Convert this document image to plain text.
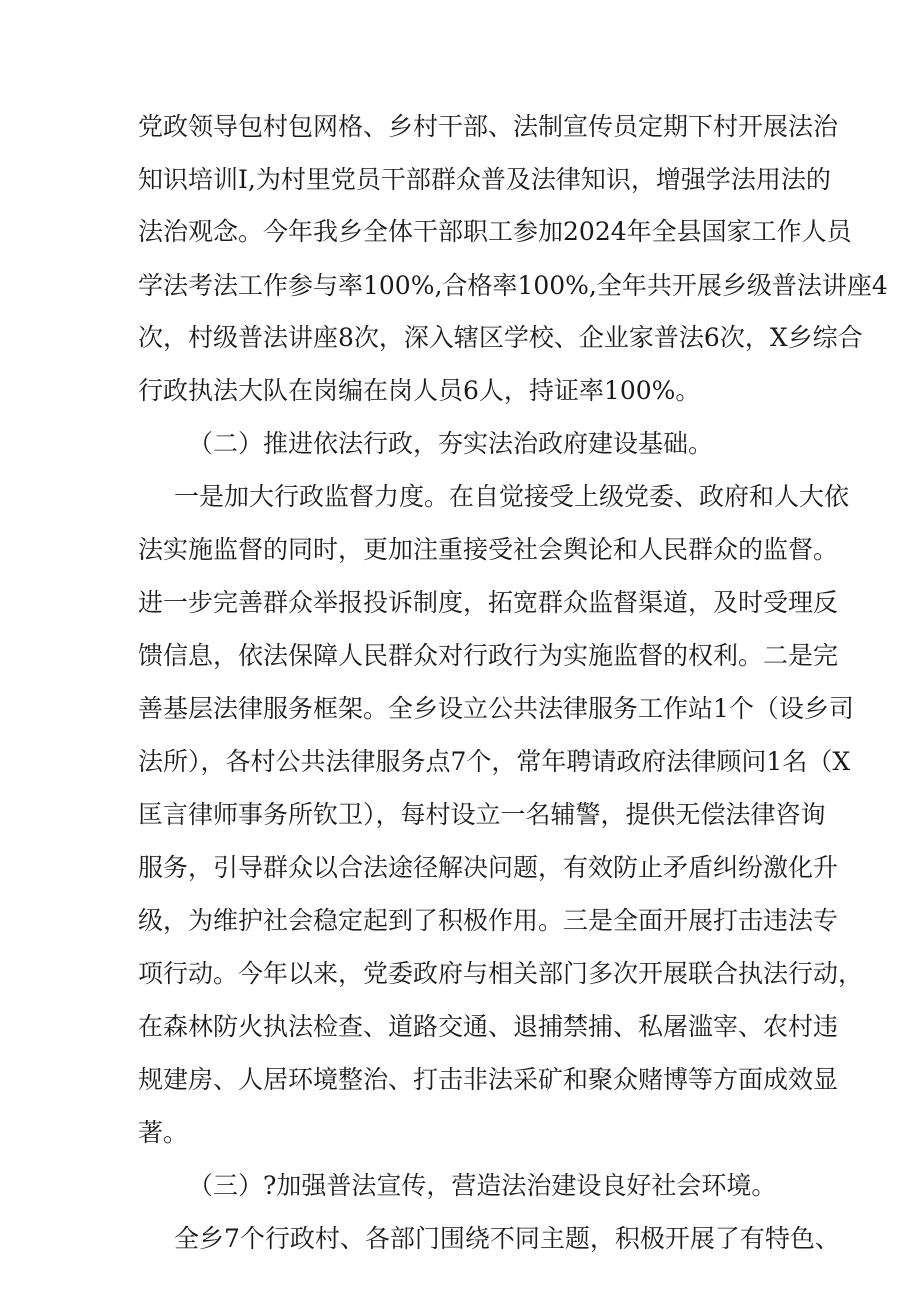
党政领导包村包网格、乡村干部、法制宣传员定期下村开展法治
知识培训I,为村里党员干部群众普及法律知识，增强学法用法的
法治观念。今年我乡全体干部职工参加2024年全县国家工作人员
学法考法工作参与率100%,合格率100%,全年共开展乡级普法讲座4
次，村级普法讲座8次，深入辖区学校、企业家普法6次，X乡综合
行政执法大队在岗编在岗人员6人，持证率100%。
（二）推进依法行政，夯实法治政府建设基础。
一是加大行政监督力度。在自觉接受上级党委、政府和人大依
法实施监督的同时，更加注重接受社会舆论和人民群众的监督。
进一步完善群众举报投诉制度，拓宽群众监督渠道，及时受理反
馈信息，依法保障人民群众对行政行为实施监督的权利。二是完
善基层法律服务框架。全乡设立公共法律服务工作站1个（设乡司
法所），各村公共法律服务点7个，常年聘请政府法律顾问1名（X
匡言律师事务所钦卫），每村设立一名辅警，提供无偿法律咨询
服务，引导群众以合法途径解决问题，有效防止矛盾纠纷激化升
级，为维护社会稳定起到了积极作用。三是全面开展打击违法专
项行动。今年以来，党委政府与相关部门多次开展联合执法行动，
在森林防火执法检查、道路交通、退捕禁捕、私屠滥宰、农村违
规建房、人居环境整治、打击非法采矿和聚众赌博等方面成效显
著。
（三）?加强普法宣传，营造法治建设良好社会环境。
全乡7个行政村、各部门围绕不同主题，积极开展了有特色、
